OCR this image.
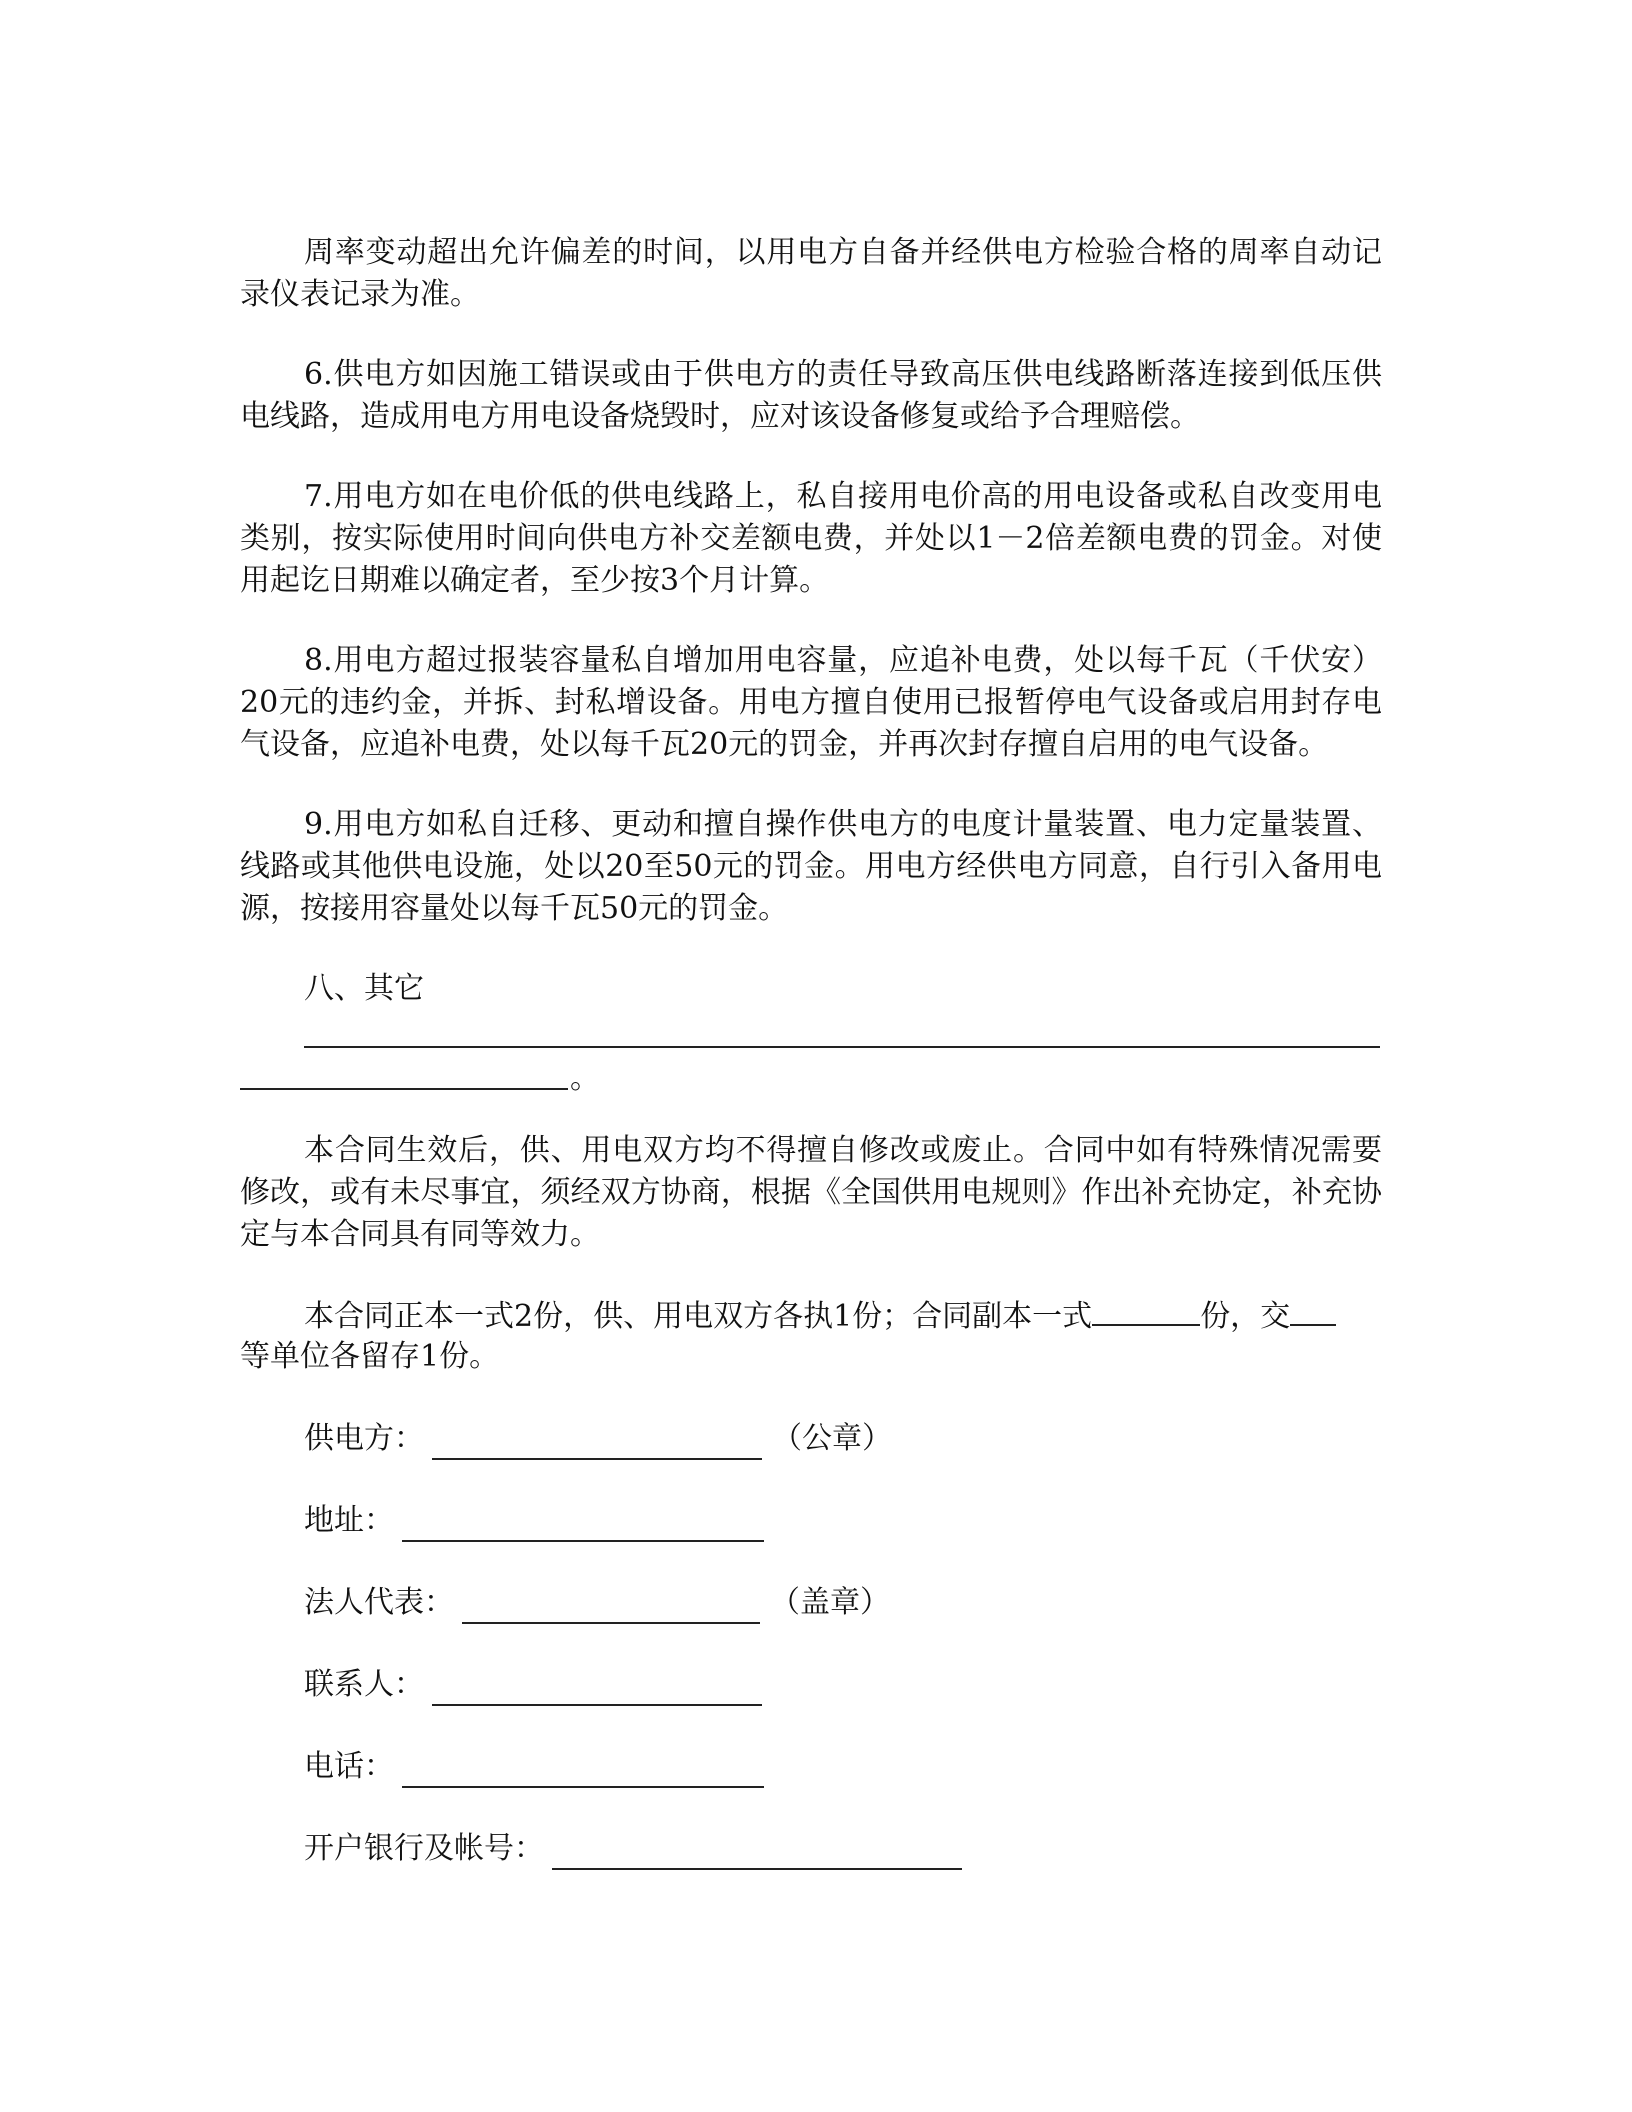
周率变动超出允许偏差的时间，以用电方自备并经供电方检验合格的周率自动记录仪表记录为准。

6.供电方如因施工错误或由于供电方的责任导致高压供电线路断落连接到低压供电线路，造成用电方用电设备烧毁时，应对该设备修复或给予合理赔偿。

7.用电方如在电价低的供电线路上，私自接用电价高的用电设备或私自改变用电类别，按实际使用时间向供电方补交差额电费，并处以1－2倍差额电费的罚金。对使用起讫日期难以确定者，至少按3个月计算。

8.用电方超过报装容量私自增加用电容量，应追补电费，处以每千瓦（千伏安）20元的违约金，并拆、封私增设备。用电方擅自使用已报暂停电气设备或启用封存电气设备，应追补电费，处以每千瓦20元的罚金，并再次封存擅自启用的电气设备。

9.用电方如私自迁移、更动和擅自操作供电方的电度计量装置、电力定量装置、线路或其他供电设施，处以20至50元的罚金。用电方经供电方同意，自行引入备用电源，按接用容量处以每千瓦50元的罚金。

八、其它

。

本合同生效后，供、用电双方均不得擅自修改或废止。合同中如有特殊情况需要修改，或有未尽事宜，须经双方协商，根据《全国供用电规则》作出补充协定，补充协定与本合同具有同等效力。

本合同正本一式2份，供、用电双方各执1份；合同副本一式	份，交

等单位各留存1份。

供电方：	（公章）
地址：
法人代表：	（盖章）
联系人：
电话：
开户银行及帐号：
